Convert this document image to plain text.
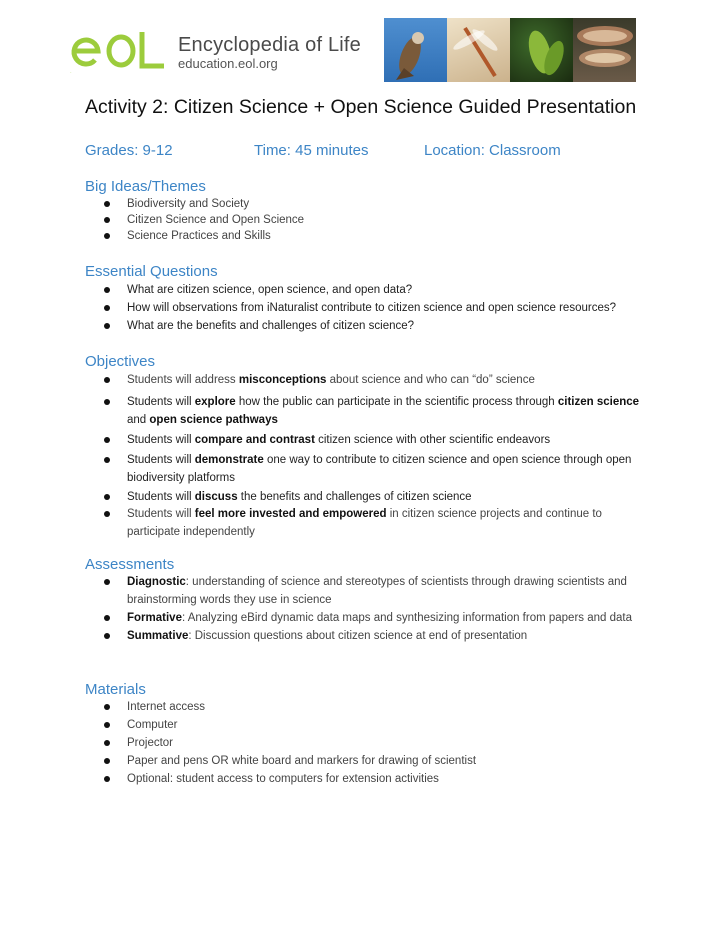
eol
Encyclopedia of Life
education.eol.org
Activity 2: Citizen Science + Open Science Guided Presentation
Grades: 9-12	Time: 45 minutes	Location: Classroom
Big Ideas/Themes
Biodiversity and Society
Citizen Science and Open Science
Science Practices and Skills
Essential Questions
What are citizen science, open science, and open data?
How will observations from iNaturalist contribute to citizen science and open science resources?
What are the benefits and challenges of citizen science?
Objectives
Students will address misconceptions about science and who can “do” science
Students will explore how the public can participate in the scientific process through citizen science and open science pathways
Students will compare and contrast citizen science with other scientific endeavors
Students will demonstrate one way to contribute to citizen science and open science through open biodiversity platforms
Students will discuss the benefits and challenges of citizen science
Students will feel more invested and empowered in citizen science projects and continue to participate independently
Assessments
Diagnostic: understanding of science and stereotypes of scientists through drawing scientists and brainstorming words they use in science
Formative: Analyzing eBird dynamic data maps and synthesizing information from papers and data
Summative: Discussion questions about citizen science at end of presentation
Materials
Internet access
Computer
Projector
Paper and pens OR white board and markers for drawing of scientist
Optional: student access to computers for extension activities
